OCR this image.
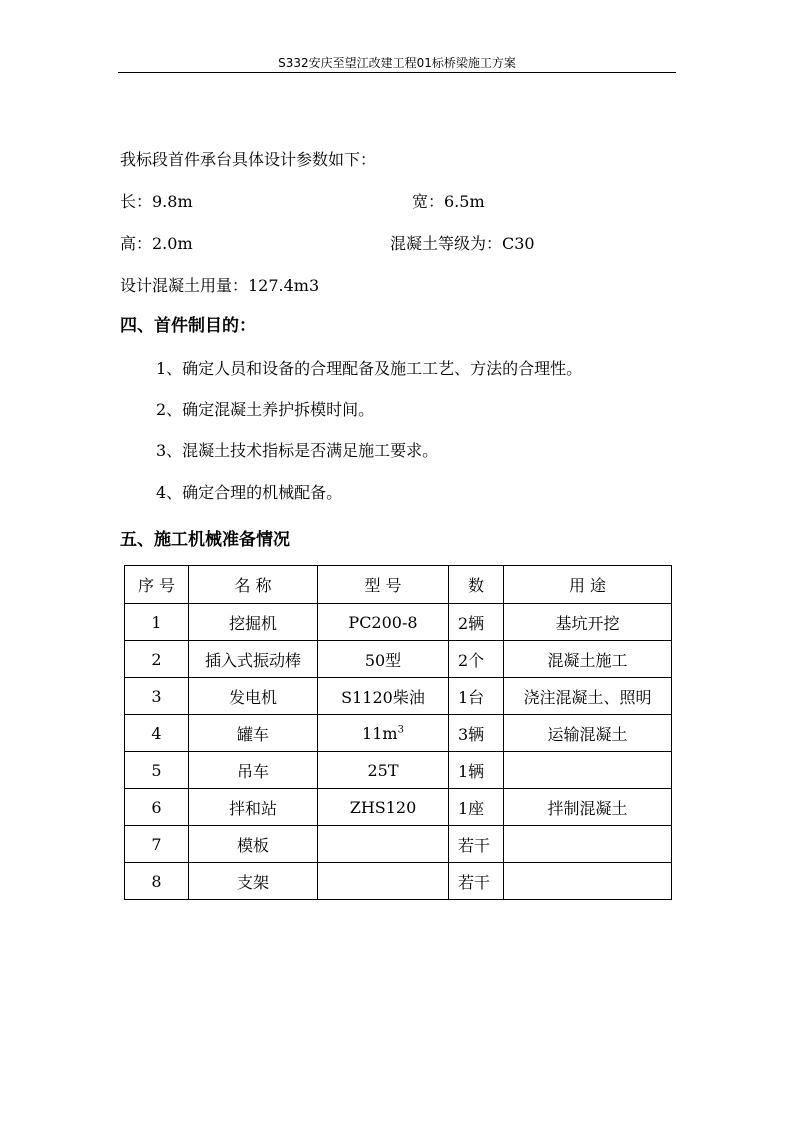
S332安庆至望江改建工程01标桥梁施工方案
我标段首件承台具体设计参数如下：
长：9.8m	宽：6.5m
高：2.0m	混凝土等级为：C30
设计混凝土用量：127.4m3
四、首件制目的：
1、确定人员和设备的合理配备及施工工艺、方法的合理性。
2、确定混凝土养护拆模时间。
3、混凝土技术指标是否满足施工要求。
4、确定合理的机械配备。
五、施工机械准备情况
序 号	名 称	型 号	数	用 途
1	挖掘机	PC200-8	2辆	基坑开挖
2	插入式振动棒	50型	2个	混凝土施工
3	发电机	S1120柴油	1台	浇注混凝土、照明
4	罐车	$11m^3$	3辆	运输混凝土
5	吊车	25T	1辆	
6	拌和站	ZHS120	1座	拌制混凝土
7	模板		若干	
8	支架		若干	
